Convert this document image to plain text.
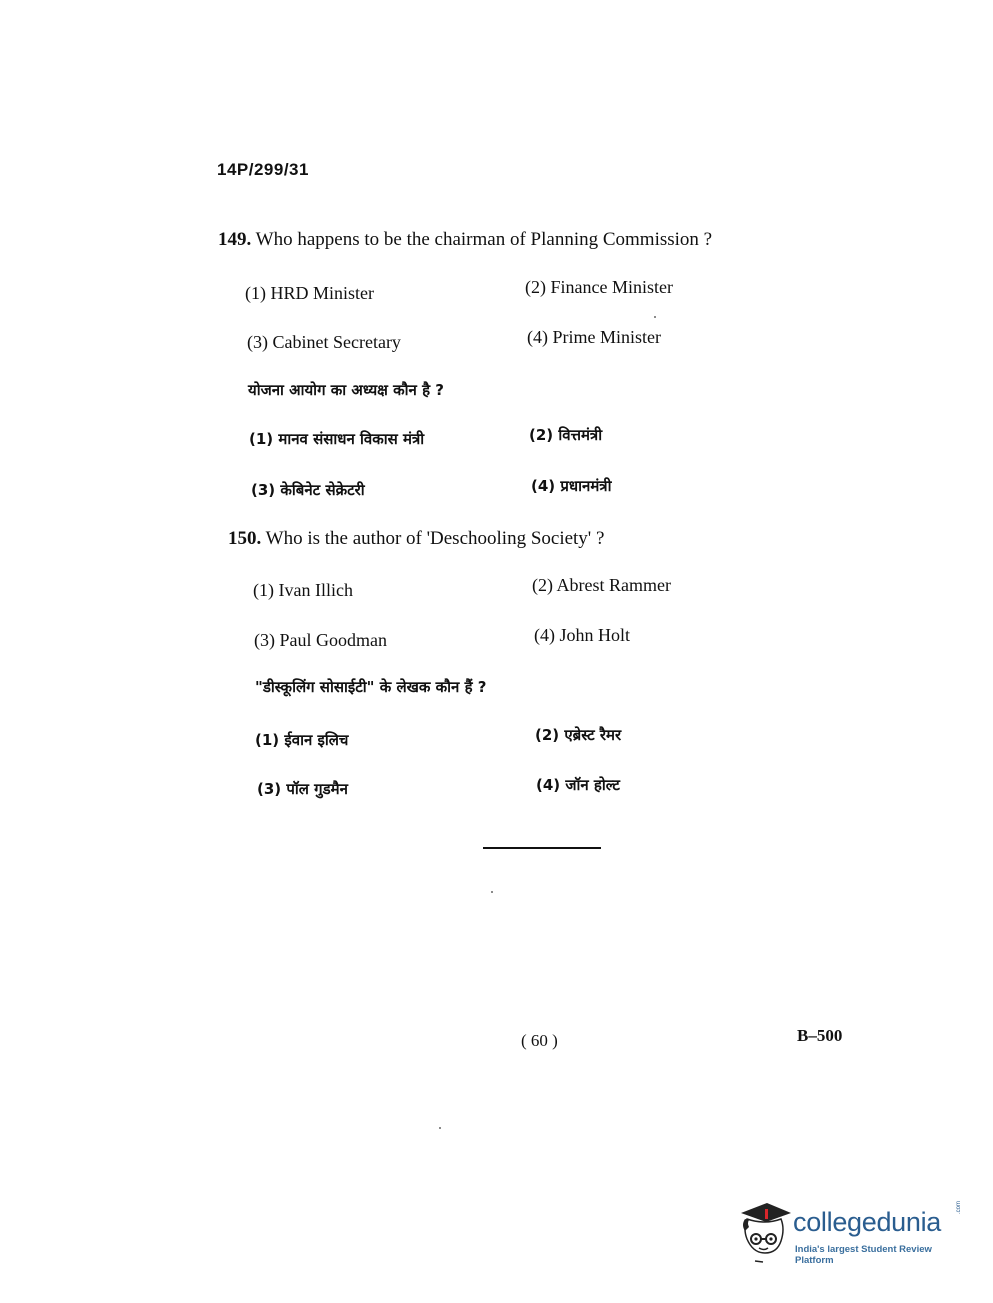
14P/299/31
149. Who happens to be the chairman of Planning Commission ?
(1) HRD Minister	(2) Finance Minister
(3) Cabinet Secretary	(4) Prime Minister
योजना आयोग का अध्यक्ष कौन है ?
(1) मानव संसाधन विकास मंत्री	(2) वित्तमंत्री
(3) केबिनेट सेक्रेटरी	(4) प्रधानमंत्री
150. Who is the author of 'Deschooling Society' ?
(1) Ivan Illich	(2) Abrest Rammer
(3) Paul Goodman	(4) John Holt
"डीस्कूलिंग सोसाईटी" के लेखक कौन हैं ?
(1) ईवान इलिच	(2) एब्रेस्ट रैमर
(3) पॉल गुडमैन	(4) जॉन होल्ट
( 60 )	B–500
collegedunia .com
India's largest Student Review Platform
